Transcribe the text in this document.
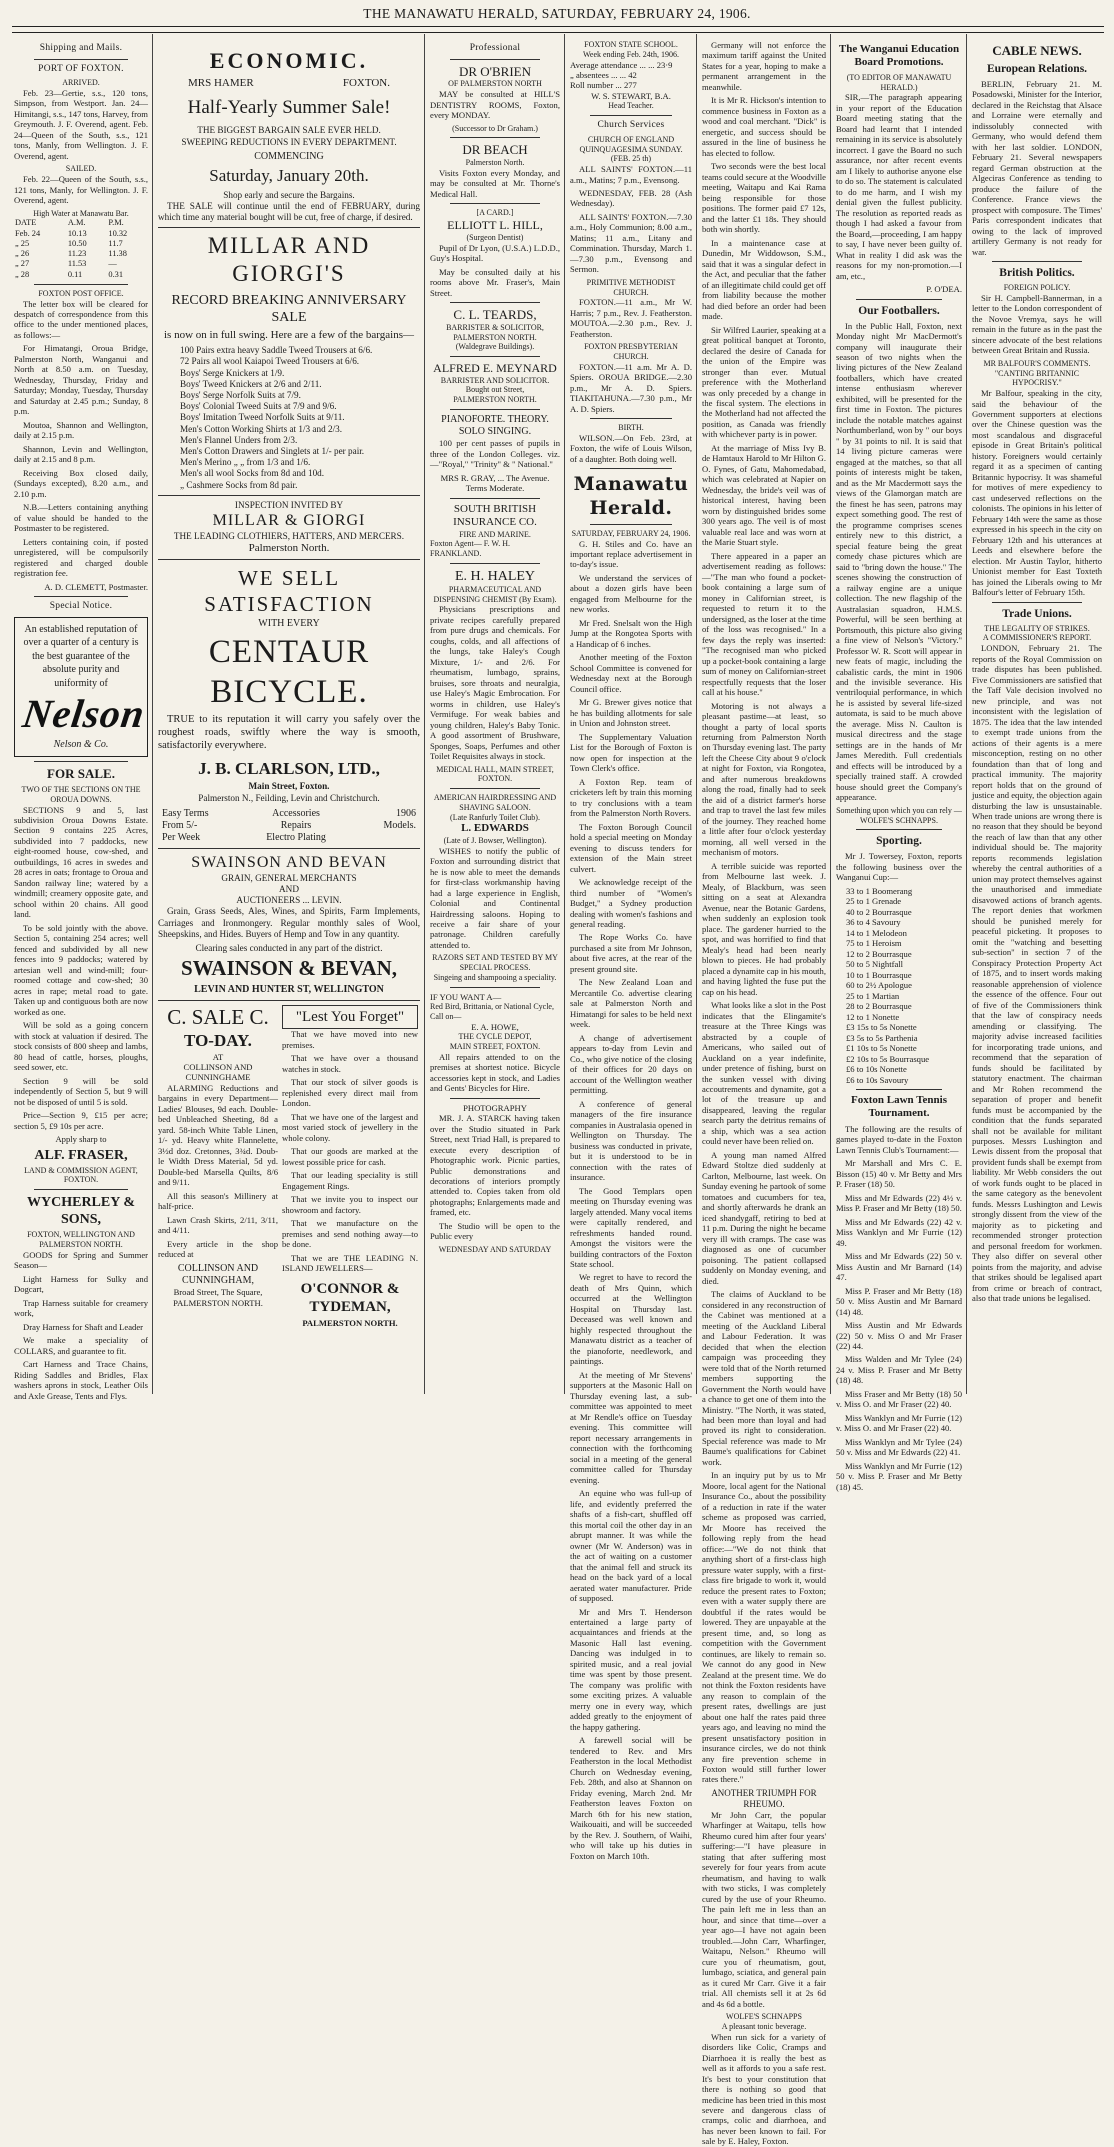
THE MANAWATU HERALD, SATURDAY, FEBRUARY 24, 1906.
Shipping and Mails.
PORT OF FOXTON.
ARRIVED.

Feb. 23—Gertie, s.s., 120 tons, Simpson, from Westport. Jan. 24—Himitangi, s.s., 147 tons, Harvey, from Greymouth. J. F. Overend, agent. Feb. 24—Queen of the South, s.s., 121 tons, Manly, from Wellington. J. F. Overend, agent.

SAILED.

Feb. 22—Queen of the South, s.s., 121 tons, Manly, for Wellington. J. F. Overend, agent.

High Water at Manawatu Bar.
DATE	A.M.	P.M.
Feb. 24	10.13	10.32
„ 25	10.50	11.7
„ 26	11.23	11.38
„ 27	11.53	—
„ 28	0.11	0.31
FOXTON POST OFFICE.

The letter box will be cleared for despatch of correspondence from this office to the under mentioned places, as follows:—

For Himatangi, Oroua Bridge, Palmerston North, Wanganui and North at 8.50 a.m. on Tuesday, Wednesday, Thursday, Friday and Saturday; Monday, Tuesday, Thursday and Saturday at 2.45 p.m.; Sunday, 8 p.m.

Moutoa, Shannon and Wellington, daily at 2.15 p.m.

Shannon, Levin and Wellington, daily at 2.15 and 8 p.m.

Receiving Box closed daily, (Sundays excepted), 8.20 a.m., and 2.10 p.m.

N.B.—Letters containing anything of value should be handed to the Postmaster to be registered.

Letters containing coin, if posted unregistered, will be compulsorily registered and charged double registration fee.

A. D. CLEMETT, Postmaster.
Special Notice.
An established reputation of over a quarter of a century is the best guarantee of the absolute purity and uniformity of
Nelson
Nelson & Co.
FOR SALE.
TWO OF THE SECTIONS ON THE OROUA DOWNS.

SECTIONS 9 and 5, last subdivision Oroua Downs Estate. Section 9 contains 225 Acres, subdivided into 7 paddocks, new eight-roomed house, cow-shed, and outbuildings, 16 acres in swedes and 28 acres in oats; frontage to Oroua and Sandon railway line; watered by a windmill; creamery opposite gate, and school within 20 chains. All good land.

To be sold jointly with the above. Section 5, containing 254 acres; well fenced and subdivided by all new fences into 9 paddocks; watered by artesian well and wind-mill; four-roomed cottage and cow-shed; 30 acres in rape; metal road to gate. Taken up and contiguous both are now worked as one.

Will be sold as a going concern with stock at valuation if desired. The stock consists of 800 sheep and lambs, 80 head of cattle, horses, ploughs, seed sower, etc.

Section 9 will be sold independently of Section 5, but 9 will not be disposed of until 5 is sold.

Price—Section 9, £15 per acre; section 5, £9 10s per acre.

Apply sharp to
ALF. FRASER,
LAND & COMMISSION AGENT, FOXTON.
WYCHERLEY & SONS,
FOXTON, WELLINGTON AND PALMERSTON NORTH.

GOODS for Spring and Summer Season—

Light Harness for Sulky and Dogcart,

Trap Harness suitable for creamery work,

Dray Harness for Shaft and Leader

We make a speciality of COLLARS, and guarantee to fit.

Cart Harness and Trace Chains, Riding Saddles and Bridles, Flax washers aprons in stock, Leather Oils and Axle Grease, Tents and Flys.

ECONOMIC.
MRS HAMER	FOXTON.
Half-Yearly Summer Sale!
THE BIGGEST BARGAIN SALE EVER HELD.
SWEEPING REDUCTIONS IN EVERY DEPARTMENT.
COMMENCING
Saturday, January 20th.
Shop early and secure the Bargains.

THE SALE will continue until the end of FEBRUARY, during which time any material bought will be cut, free of charge, if desired.

MILLAR AND GIORGI'S
RECORD BREAKING ANNIVERSARY SALE
is now on in full swing. Here are a few of the bargains—
100 Pairs extra heavy Saddle Tweed Trousers at 6/6.
72 Pairs all wool Kaiapoi Tweed Trousers at 6/6.
Boys' Serge Knickers at 1/9.
Boys' Tweed Knickers at 2/6 and 2/11.
Boys' Serge Norfolk Suits at 7/9.
Boys' Colonial Tweed Suits at 7/9 and 9/6.
Boys' Imitation Tweed Norfolk Suits at 9/11.
Men's Cotton Working Shirts at 1/3 and 2/3.
Men's Flannel Unders from 2/3.
Men's Cotton Drawers and Singlets at 1/- per pair.
Men's Merino „ „ from 1/3 and 1/6.
Men's all wool Socks from 8d and 10d.
„ Cashmere Socks from 8d pair.
INSPECTION INVITED BY
MILLAR & GIORGI
THE LEADING CLOTHIERS, HATTERS, AND MERCERS.
Palmerston North.
WE SELL SATISFACTION
WITH EVERY
CENTAUR BICYCLE.

TRUE to its reputation it will carry you safely over the roughest roads, swiftly where the way is smooth, satisfactorily everywhere.

J. B. CLARLSON, LTD.,
Main Street, Foxton.
Palmerston N., Feilding, Levin and Christchurch.
Easy Terms
From 5/-
Per Week
Accessories
Repairs
Electro Plating
1906
Models.
SWAINSON AND BEVAN
GRAIN, GENERAL MERCHANTS
AND
AUCTIONEERS ... LEVIN.

Grain, Grass Seeds, Ales, Wines, and Spirits, Farm Implements, Carriages and Ironmongery. Regular monthly sales of Wool, Sheepskins, and Hides. Buyers of Hemp and Tow in any quantity.

Clearing sales conducted in any part of the district.
SWAINSON & BEVAN,
LEVIN AND HUNTER ST, WELLINGTON
C. SALE C.
TO-DAY.
AT
COLLINSON AND
CUNNINGHAME

ALARMING Reductions and bargains in every Department— Ladies' Blouses, 9d each. Double-bed Unbleached Sheeting, 8d a yard. 58-inch White Table Linen, 1/- yd. Heavy white Flannelette, 3½d doz. Cretonnes, 3¾d. Doub-le Width Dress Material, 5d yd. Double-bed Marsella Quilts, 8/6 and 9/11.

All this season's Millinery at half-price.

Lawn Crash Skirts, 2/11, 3/11, and 4/11.

Every article in the shop reduced at

COLLINSON AND
CUNNINGHAM,
Broad Street, The Square,
PALMERSTON NORTH.
"Lest You Forget"

That we have moved into new premises.

That we have over a thousand watches in stock.

That our stock of silver goods is replenished every direct mail from London.

That we have one of the largest and most varied stock of jewellery in the whole colony.

That our goods are marked at the lowest possible price for cash.

That our leading speciality is still Engagement Rings.

That we invite you to inspect our showroom and factory.

That we manufacture on the premises and send nothing away—to be done.

That we are THE LEADING N. ISLAND JEWELLERS—

O'CONNOR & TYDEMAN,
PALMERSTON NORTH.
Professional
DR O'BRIEN
OF PALMERSTON NORTH

MAY be consulted at HILL'S DENTISTRY ROOMS, Foxton, every MONDAY.

(Successor to Dr Graham.)
DR BEACH
Palmerston North.

Visits Foxton every Monday, and may be consulted at Mr. Thorne's Medical Hall.

[A CARD.]
ELLIOTT L. HILL,
(Surgeon Dentist)

Pupil of Dr Lyon, (U.S.A.) L.D.D., Guy's Hospital.

May be consulted daily at his rooms above Mr. Fraser's, Main Street.

C. L. TEARDS,
BARRISTER & SOLICITOR,
PALMERSTON NORTH.
(Waldegrave Buildings).
ALFRED E. MEYNARD
BARRISTER AND SOLICITOR.
Bought out Street,
PALMERSTON NORTH.
PIANOFORTE. THEORY.
SOLO SINGING.

100 per cent passes of pupils in three of the London Colleges. viz.—"Royal," "Trinity" & " National."

MRS R. GRAY, ... The Avenue.
Terms Moderate.
SOUTH BRITISH INSURANCE CO.
FIRE AND MARINE.
Foxton Agent— F. W. H. FRANKLAND.
E. H. HALEY
PHARMACEUTICAL AND DISPENSING CHEMIST (By Exam).

Physicians prescriptions and private recipes carefully prepared from pure drugs and chemicals. For coughs, colds, and all affections of the lungs, take Haley's Cough Mixture, 1/- and 2/6. For rheumatism, lumbago, sprains, bruises, sore throats and neuralgia, use Haley's Magic Embrocation. For worms in children, use Haley's Vermifuge. For weak babies and young children, Haley's Baby Tonic. A good assortment of Brushware, Sponges, Soaps, Perfumes and other Toilet Requisites always in stock.

MEDICAL HALL, MAIN STREET, FOXTON.
AMERICAN HAIRDRESSING AND SHAVING SALOON.
(Late Ranfurly Toilet Club).
L. EDWARDS
(Late of J. Bowser, Wellington).

WISHES to notify the public of Foxton and surrounding district that he is now able to meet the demands for first-class workmanship having had a large experience in English, Colonial and Continental Hairdressing saloons. Hoping to receive a fair share of your patronage. Children carefully attended to.

RAZORS SET AND TESTED BY MY SPECIAL PROCESS.
Singeing and shampooing a speciality.
IF YOU WANT A—
Red Bird, Brittania, or National Cycle, Call on—
E. A. HOWE,
THE CYCLE DEPOT,
MAIN STREET, FOXTON.

All repairs attended to on the premises at shortest notice. Bicycle accessories kept in stock, and Ladies and Gents' Bicycles for Hire.

PHOTOGRAPHY

MR. J. A. STARCK having taken over the Studio situated in Park Street, next Triad Hall, is prepared to execute every description of Photographic work. Picnic parties, Public demonstrations and decorations of interiors promptly attended to. Copies taken from old photographs; Enlargements made and framed, etc.

The Studio will be open to the Public every

WEDNESDAY AND SATURDAY
FOXTON STATE SCHOOL.
Week ending Feb. 24th, 1906.
Average attendance ... ... 23·9
„ absentees ... ... 42
Roll number ... 277
W. S. STEWART, B.A.
Head Teacher.
Church Services
CHURCH OF ENGLAND
QUINQUAGESIMA SUNDAY.
(FEB. 25 th)

ALL SAINTS' FOXTON.—11 a.m., Matins; 7 p.m., Evensong.

WEDNESDAY, FEB. 28 (Ash Wednesday).

ALL SAINTS' FOXTON.—7.30 a.m., Holy Communion; 8.00 a.m., Matins; 11 a.m., Litany and Commination. Thursday, March 1.—7.30 p.m., Evensong and Sermon.

PRIMITIVE METHODIST CHURCH.

FOXTON.—11 a.m., Mr W. Harris; 7 p.m., Rev. J. Featherston. MOUTOA.—2.30 p.m., Rev. J. Featherston.

FOXTON PRESBYTERIAN CHURCH.

FOXTON.—11 a.m. Mr A. D. Spiers. OROUA BRIDGE.—2.30 p.m., Mr A. D. Spiers. TIAKITAHUNA.—7.30 p.m., Mr A. D. Spiers.

BIRTH.

WILSON.—On Feb. 23rd, at Foxton, the wife of Louis Wilson, of a daughter. Both doing well.

Manawatu Herald.
SATURDAY, FEBRUARY 24, 1906.

G. H. Stiles and Co. have an important replace advertisement in to-day's issue.

We understand the services of about a dozen girls have been engaged from Melbourne for the new works.

Mr Fred. Snelsalt won the High Jump at the Rongotea Sports with a Handicap of 6 inches.

Another meeting of the Foxton School Committee is convened for Wednesday next at the Borough Council office.

Mr G. Brewer gives notice that he has building allotments for sale in Union and Johnston street.

The Supplementary Valuation List for the Borough of Foxton is now open for inspection at the Town Clerk's office.

A Foxton Rep. team of cricketers left by train this morning to try conclusions with a team from the Palmerston North Rovers.

The Foxton Borough Council hold a special meeting on Monday evening to discuss tenders for extension of the Main street culvert.

We acknowledge receipt of the third number of "Women's Budget," a Sydney production dealing with women's fashions and general reading.

The Rope Works Co. have purchased a site from Mr Johnson, about five acres, at the rear of the present ground site.

The New Zealand Loan and Mercantile Co. advertise clearing sale at Palmerston North and Himatangi for sales to be held next week.

A change of advertisement appears to-day from Levin and Co., who give notice of the closing of their offices for 20 days on account of the Wellington weather permitting.

A conference of general managers of the fire insurance companies in Australasia opened in Wellington on Thursday. The business was conducted in private, but it is understood to be in connection with the rates of insurance.

The Good Templars open meeting on Thursday evening was largely attended. Many vocal items were capitally rendered, and refreshments handed round. Amongst the visitors were the building contractors of the Foxton State school.

We regret to have to record the death of Mrs Quinn, which occurred at the Wellington Hospital on Thursday last. Deceased was well known and highly respected throughout the Manawatu district as a teacher of the pianoforte, needlework, and paintings.

At the meeting of Mr Stevens' supporters at the Masonic Hall on Thursday evening last, a sub-committee was appointed to meet at Mr Rendle's office on Tuesday evening. This committee will report necessary arrangements in connection with the forthcoming social in a meeting of the general committee called for Thursday evening.

An equine who was full-up of life, and evidently preferred the shafts of a fish-cart, shuffled off this mortal coil the other day in an abrupt manner. It was while the owner (Mr W. Anderson) was in the act of waiting on a customer that the animal fell and struck its head on the back yard of a local aerated water manufacturer. Pride of supposed.

Mr and Mrs T. Henderson entertained a large party of acquaintances and friends at the Masonic Hall last evening. Dancing was indulged in to spirited music, and a real jovial time was spent by those present. The company was prolific with some exciting prizes. A valuable merry one in every way, which added greatly to the enjoyment of the happy gathering.

A farewell social will be tendered to Rev. and Mrs Featherston in the local Methodist Church on Wednesday evening, Feb. 28th, and also at Shannon on Friday evening, March 2nd. Mr Featherston leaves Foxton on March 6th for his new station, Waikouaiti, and will be succeeded by the Rev. J. Southern, of Waihi, who will take up his duties in Foxton on March 10th.

Germany will not enforce the maximum tariff against the United States for a year, hoping to make a permanent arrangement in the meanwhile.

It is Mr R. Hickson's intention to commence business in Foxton as a wood and coal merchant. "Dick" is energetic, and success should be assured in the line of business he has elected to follow.

Two seconds were the best local teams could secure at the Woodville meeting, Waitapu and Kai Rama being responsible for those positions. The former paid £7 12s, and the latter £1 18s. They should both win shortly.

In a maintenance case at Dunedin, Mr Widdowson, S.M., said that it was a singular defect in the Act, and peculiar that the father of an illegitimate child could get off from liability because the mother had died before an order had been made.

Sir Wilfred Laurier, speaking at a great political banquet at Toronto, declared the desire of Canada for the union of the Empire was stronger than ever. Mutual preference with the Motherland was only preceded by a change in the fiscal system. The elections in the Motherland had not affected the position, as Canada was friendly with whichever party is in power.

At the marriage of Miss Ivy B. de Hamtaux Harold to Mr Hilton G. O. Fynes, of Gatu, Mahomedabad, which was celebrated at Napier on Wednesday, the bride's veil was of historical interest, having been worn by distinguished brides some 300 years ago. The veil is of most valuable real lace and was worn at the Marie Stuart style.

There appeared in a paper an advertisement reading as follows:—"The man who found a pocket-book containing a large sum of money in Californian street, is requested to return it to the undersigned, as the loser at the time of the loss was recognised." In a few days the reply was inserted: "The recognised man who picked up a pocket-book containing a large sum of money on Californian-street respectfully requests that the loser call at his house."

Motoring is not always a pleasant pastime—at least, so thought a party of local sports returning from Palmerston North on Thursday evening last. The party left the Cheese City about 9 o'clock at night for Foxton, via Rongotea, and after numerous breakdowns along the road, finally had to seek the aid of a district farmer's horse and trap to travel the last few miles of the journey. They reached home a little after four o'clock yesterday morning, all well versed in the mechanism of motors.

A terrible suicide was reported from Melbourne last week. J. Mealy, of Blackburn, was seen sitting on a seat at Alexandra Avenue, near the Botanic Gardens, when suddenly an explosion took place. The gardener hurried to the spot, and was horrified to find that Mealy's head had been nearly blown to pieces. He had probably placed a dynamite cap in his mouth, and having lighted the fuse put the cap on his head.

What looks like a slot in the Post indicates that the Elingamite's treasure at the Three Kings was abstracted by a couple of Americans, who sailed out of Auckland on a year indefinite, under pretence of fishing, burst on the sunken vessel with diving accoutrements and dynamite, got a lot of the treasure up and disappeared, leaving the regular search party the detritus remains of a ship, which was a sea action could never have been relied on.

A young man named Alfred Edward Stoltze died suddenly at Carlton, Melbourne, last week. On Sunday evening he partook of some tomatoes and cucumbers for tea, and shortly afterwards he drank an iced shandygaff, retiring to bed at 11 p.m. During the night he became very ill with cramps. The case was diagnosed as one of cucumber poisoning. The patient collapsed suddenly on Monday evening, and died.

The claims of Auckland to be considered in any reconstruction of the Cabinet was mentioned at a meeting of the Auckland Liberal and Labour Federation. It was decided that when the election campaign was proceeding they were told that of the North returned members supporting the Government the North would have a chance to get one of them into the Ministry. "The North, it was stated, had been more than loyal and had proved its right to consideration. Special reference was made to Mr Baume's qualifications for Cabinet work.

In an inquiry put by us to Mr Moore, local agent for the National Insurance Co., about the possibility of a reduction in rate if the water scheme as proposed was carried, Mr Moore has received the following reply from the head office:—"We do not think that anything short of a first-class high pressure water supply, with a first-class fire brigade to work it, would reduce the present rates to Foxton; even with a water supply there are doubtful if the rates would be lowered. They are unpayable at the present time, and, so long as competition with the Government continues, are likely to remain so. We cannot do any good in New Zealand at the present time. We do not think the Foxton residents have any reason to complain of the present rates, dwellings are just about one half the rates paid three years ago, and leaving no mind the present unsatisfactory position in insurance circles, we do not think any fire prevention scheme in Foxton would still further lower rates there."

ANOTHER TRIUMPH FOR RHEUMO.

Mr John Carr, the popular Wharfinger at Waitapu, tells how Rheumo cured him after four years' suffering:—"I have pleasure in stating that after suffering most severely for four years from acute rheumatism, and having to walk with two sticks, I was completely cured by the use of your Rheumo. The pain left me in less than an hour, and since that time—over a year ago—I have not again been troubled.—John Carr, Wharfinger, Waitapu, Nelson." Rheumo will cure you of rheumatism, gout, lumbago, sciatica, and general pain as it cured Mr Carr. Give it a fair trial. All chemists sell it at 2s 6d and 4s 6d a bottle.

WOLFE'S SCHNAPPS
A pleasant tonic beverage.

When run sick for a variety of disorders like Colic, Cramps and Diarrhoea it is really the best as well as it affords to you a safe rest. It's best to your constitution that there is nothing so good that medicine has been tried in this most severe and dangerous class of cramps, colic and diarrhoea, and has never been known to fail. For sale by E. Haley, Foxton.

The Wanganui Education Board Promotions.
(TO EDITOR OF MANAWATU HERALD.)

SIR,—The paragraph appearing in your report of the Education Board meeting stating that the Board had learnt that I intended remaining in its service is absolutely incorrect. I gave the Board no such assurance, nor after recent events am I likely to authorise anyone else to do so. The statement is calculated to do me harm, and I wish my denial given the fullest publicity. The resolution as reported reads as though I had asked a favour from the Board,—proceeding, I am happy to say, I have never been guilty of. What in reality I did ask was the reasons for my non-promotion.—I am, etc.,

P. O'DEA.
Our Footballers.

In the Public Hall, Foxton, next Monday night Mr MacDermott's company will inaugurate their season of two nights when the living pictures of the New Zealand footballers, which have created intense enthusiasm wherever exhibited, will be presented for the first time in Foxton. The pictures include the notable matches against Northumberland, won by " our boys " by 31 points to nil. It is said that 14 living picture cameras were engaged at the matches, so that all points of interests might be taken, and as the Mr Macdermott says the views of the Glamorgan match are the finest he has seen, patrons may expect something good. The rest of the programme comprises scenes entirely new to this district, a special feature being the great comedy chase pictures which are said to "bring down the house." The scenes showing the construction of a railway engine are a unique collection. The new flagship of the Australasian squadron, H.M.S. Powerful, will be seen berthing at Portsmouth, this picture also giving a fine view of Nelson's "Victory." Professor W. R. Scott will appear in new feats of magic, including the cabalistic cards, the mint in 1906 and the invisible severance. His ventriloquial performance, in which he is assisted by several life-sized automata, is said to be much above the average. Miss N. Caulton is musical directress and the stage settings are in the hands of Mr James Meredith. Full credentials and effects will be introduced by a specially trained staff. A crowded house should greet the Company's appearance.

Something upon which you can rely —WOLFE'S SCHNAPPS.
Sporting.

Mr J. Towersey, Foxton, reports the following business over the Wanganui Cup:—

33 to 1 Boomerang
25 to 1 Grenade
40 to 2 Bourrasque
36 to 4 Savoury
14 to 1 Melodeon
75 to 1 Heroism
12 to 2 Bourrasque
50 to 5 Nightfall
10 to 1 Bourrasque
60 to 2½ Apologue
25 to 1 Martian
28 to 2 Bourrasque
12 to 1 Nonette
£3 15s to 5s Nonette
£3 5s to 5s Parthenia
£1 10s to 5s Nonette
£2 10s to 5s Bourrasque
£6 to 10s Nonette
£6 to 10s Savoury
Foxton Lawn Tennis Tournament.

The following are the results of games played to-date in the Foxton Lawn Tennis Club's Tournament:—

Mr Marshall and Mrs C. E. Bisson (15) 40 v. Mr Betty and Mrs P. Fraser (18) 50.

Miss and Mr Edwards (22) 4½ v. Miss P. Fraser and Mr Betty (18) 50.

Miss and Mr Edwards (22) 42 v. Miss Wanklyn and Mr Furrie (12) 49.

Miss and Mr Edwards (22) 50 v. Miss Austin and Mr Barnard (14) 47.

Miss P. Fraser and Mr Betty (18) 50 v. Miss Austin and Mr Barnard (14) 48.

Miss Austin and Mr Edwards (22) 50 v. Miss O and Mr Fraser (22) 44.

Miss Walden and Mr Tylee (24) 24 v. Miss P. Fraser and Mr Betty (18) 48.

Miss Fraser and Mr Betty (18) 50 v. Miss O. and Mr Fraser (22) 40.

Miss Wanklyn and Mr Furrie (12) v. Miss O. and Mr Fraser (22) 40.

Miss Wanklyn and Mr Tylee (24) 50 v. Miss and Mr Edwards (22) 41.

Miss Wanklyn and Mr Furrie (12) 50 v. Miss P. Fraser and Mr Betty (18) 45.

CABLE NEWS.
European Relations.

BERLIN, February 21. M. Posadowski, Minister for the Interior, declared in the Reichstag that Alsace and Lorraine were eternally and indissolubly connected with Germany, who would defend them with her last soldier. LONDON, February 21. Several newspapers regard German obstruction at the Algeciras Conference as tending to produce the failure of the Conference. France views the prospect with composure. The Times' Paris correspondent indicates that owing to the lack of improved artillery Germany is not ready for war.

British Politics.
FOREIGN POLICY.

Sir H. Campbell-Bannerman, in a letter to the London correspondent of the Novoe Vremya, says he will remain in the future as in the past the sincere advocate of the best relations between Great Britain and Russia.

MR BALFOUR'S COMMENTS.
"CANTING BRITANNIC HYPOCRISY."

Mr Balfour, speaking in the city, said the behaviour of the Government supporters at elections over the Chinese question was the most scandalous and disgraceful episode in Great Britain's political history. Foreigners would certainly regard it as a specimen of canting Britannic hypocrisy. It was shameful for motives of mere expediency to cast undeserved reflections on the colonists. The opinions in his letter of February 14th were the same as those expressed in his speech in the city on February 12th and his utterances at Leeds and elsewhere before the election. Mr Austin Taylor, hitherto Unionist member for East Toxteth has joined the Liberals owing to Mr Balfour's letter of February 15th.

Trade Unions.
THE LEGALITY OF STRIKES.
A COMMISSIONER'S REPORT.

LONDON, February 21. The reports of the Royal Commission on trade disputes has been published. Five Commissioners are satisfied that the Taff Vale decision involved no new principle, and was not inconsistent with the legislation of 1875. The idea that the law intended to exempt trade unions from the actions of their agents is a mere misconception, resting on no other foundation than that of long and practical immunity. The majority report holds that on the ground of justice and equity, the objection again disturbing the law is unsustainable. When trade unions are wrong there is no reason that they should be beyond the reach of law than that any other individual should be. The majority reports recommends legislation whereby the central authorities of a union may protect themselves against the unauthorised and immediate disavowed actions of branch agents. The report denies that workmen should be punished merely for peaceful picketing. It proposes to omit the "watching and besetting sub-section" in section 7 of the Conspiracy Protection Property Act of 1875, and to insert words making reasonable apprehension of violence the essence of the offence. Four out of five of the Commissioners think that the law of conspiracy needs amending or classifying. The majority advise increased facilities for incorporating trade unions, and recommend that the separation of funds should be facilitated by statutory enactment. The chairman and Mr Rohen recommend the separation of proper and benefit funds must be accompanied by the condition that the funds separated shall not be available for militant purposes. Messrs Lushington and Lewis dissent from the proposal that provident funds shall be exempt from liability. Mr Webb considers the out of work funds ought to be placed in the same category as the benevolent funds. Messrs Lushington and Lewis strongly dissent from the view of the majority as to picketing and recommended stronger protection and personal freedom for workmen. They also differ on several other points from the majority, and advise that strikes should be legalised apart from crime or breach of contract, also that trade unions be legalised.
